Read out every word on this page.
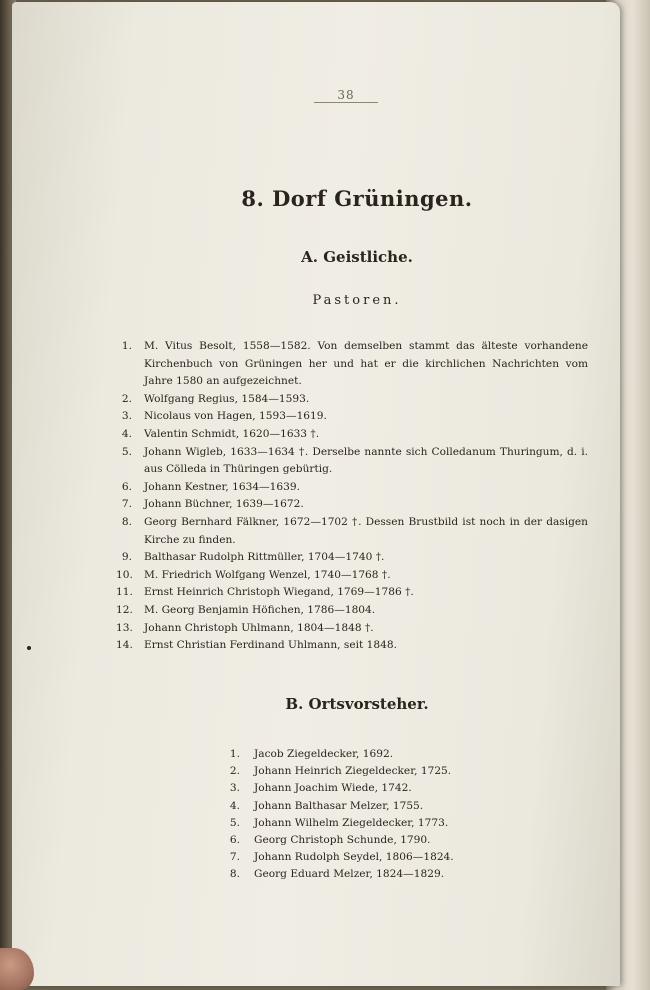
38
8. Dorf Grüningen.
A. Geistliche.
Pastoren.
1. M. Vitus Besolt, 1558—1582. Von demselben stammt das älteste vorhandene Kirchenbuch von Grüningen her und hat er die kirchlichen Nachrichten vom Jahre 1580 an aufgezeichnet.
2. Wolfgang Regius, 1584—1593.
3. Nicolaus von Hagen, 1593—1619.
4. Valentin Schmidt, 1620—1633 †.
5. Johann Wigleb, 1633—1634 †. Derselbe nannte sich Colledanum Thuringum, d. i. aus Cölleda in Thüringen gebürtig.
6. Johann Kestner, 1634—1639.
7. Johann Büchner, 1639—1672.
8. Georg Bernhard Fälkner, 1672—1702 †. Dessen Brustbild ist noch in der dasigen Kirche zu finden.
9. Balthasar Rudolph Rittmüller, 1704—1740 †.
10. M. Friedrich Wolfgang Wenzel, 1740—1768 †.
11. Ernst Heinrich Christoph Wiegand, 1769—1786 †.
12. M. Georg Benjamin Höfichen, 1786—1804.
13. Johann Christoph Uhlmann, 1804—1848 †.
14. Ernst Christian Ferdinand Uhlmann, seit 1848.
B. Ortsvorsteher.
1. Jacob Ziegeldecker, 1692.
2. Johann Heinrich Ziegeldecker, 1725.
3. Johann Joachim Wiede, 1742.
4. Johann Balthasar Melzer, 1755.
5. Johann Wilhelm Ziegeldecker, 1773.
6. Georg Christoph Schunde, 1790.
7. Johann Rudolph Seydel, 1806—1824.
8. Georg Eduard Melzer, 1824—1829.
